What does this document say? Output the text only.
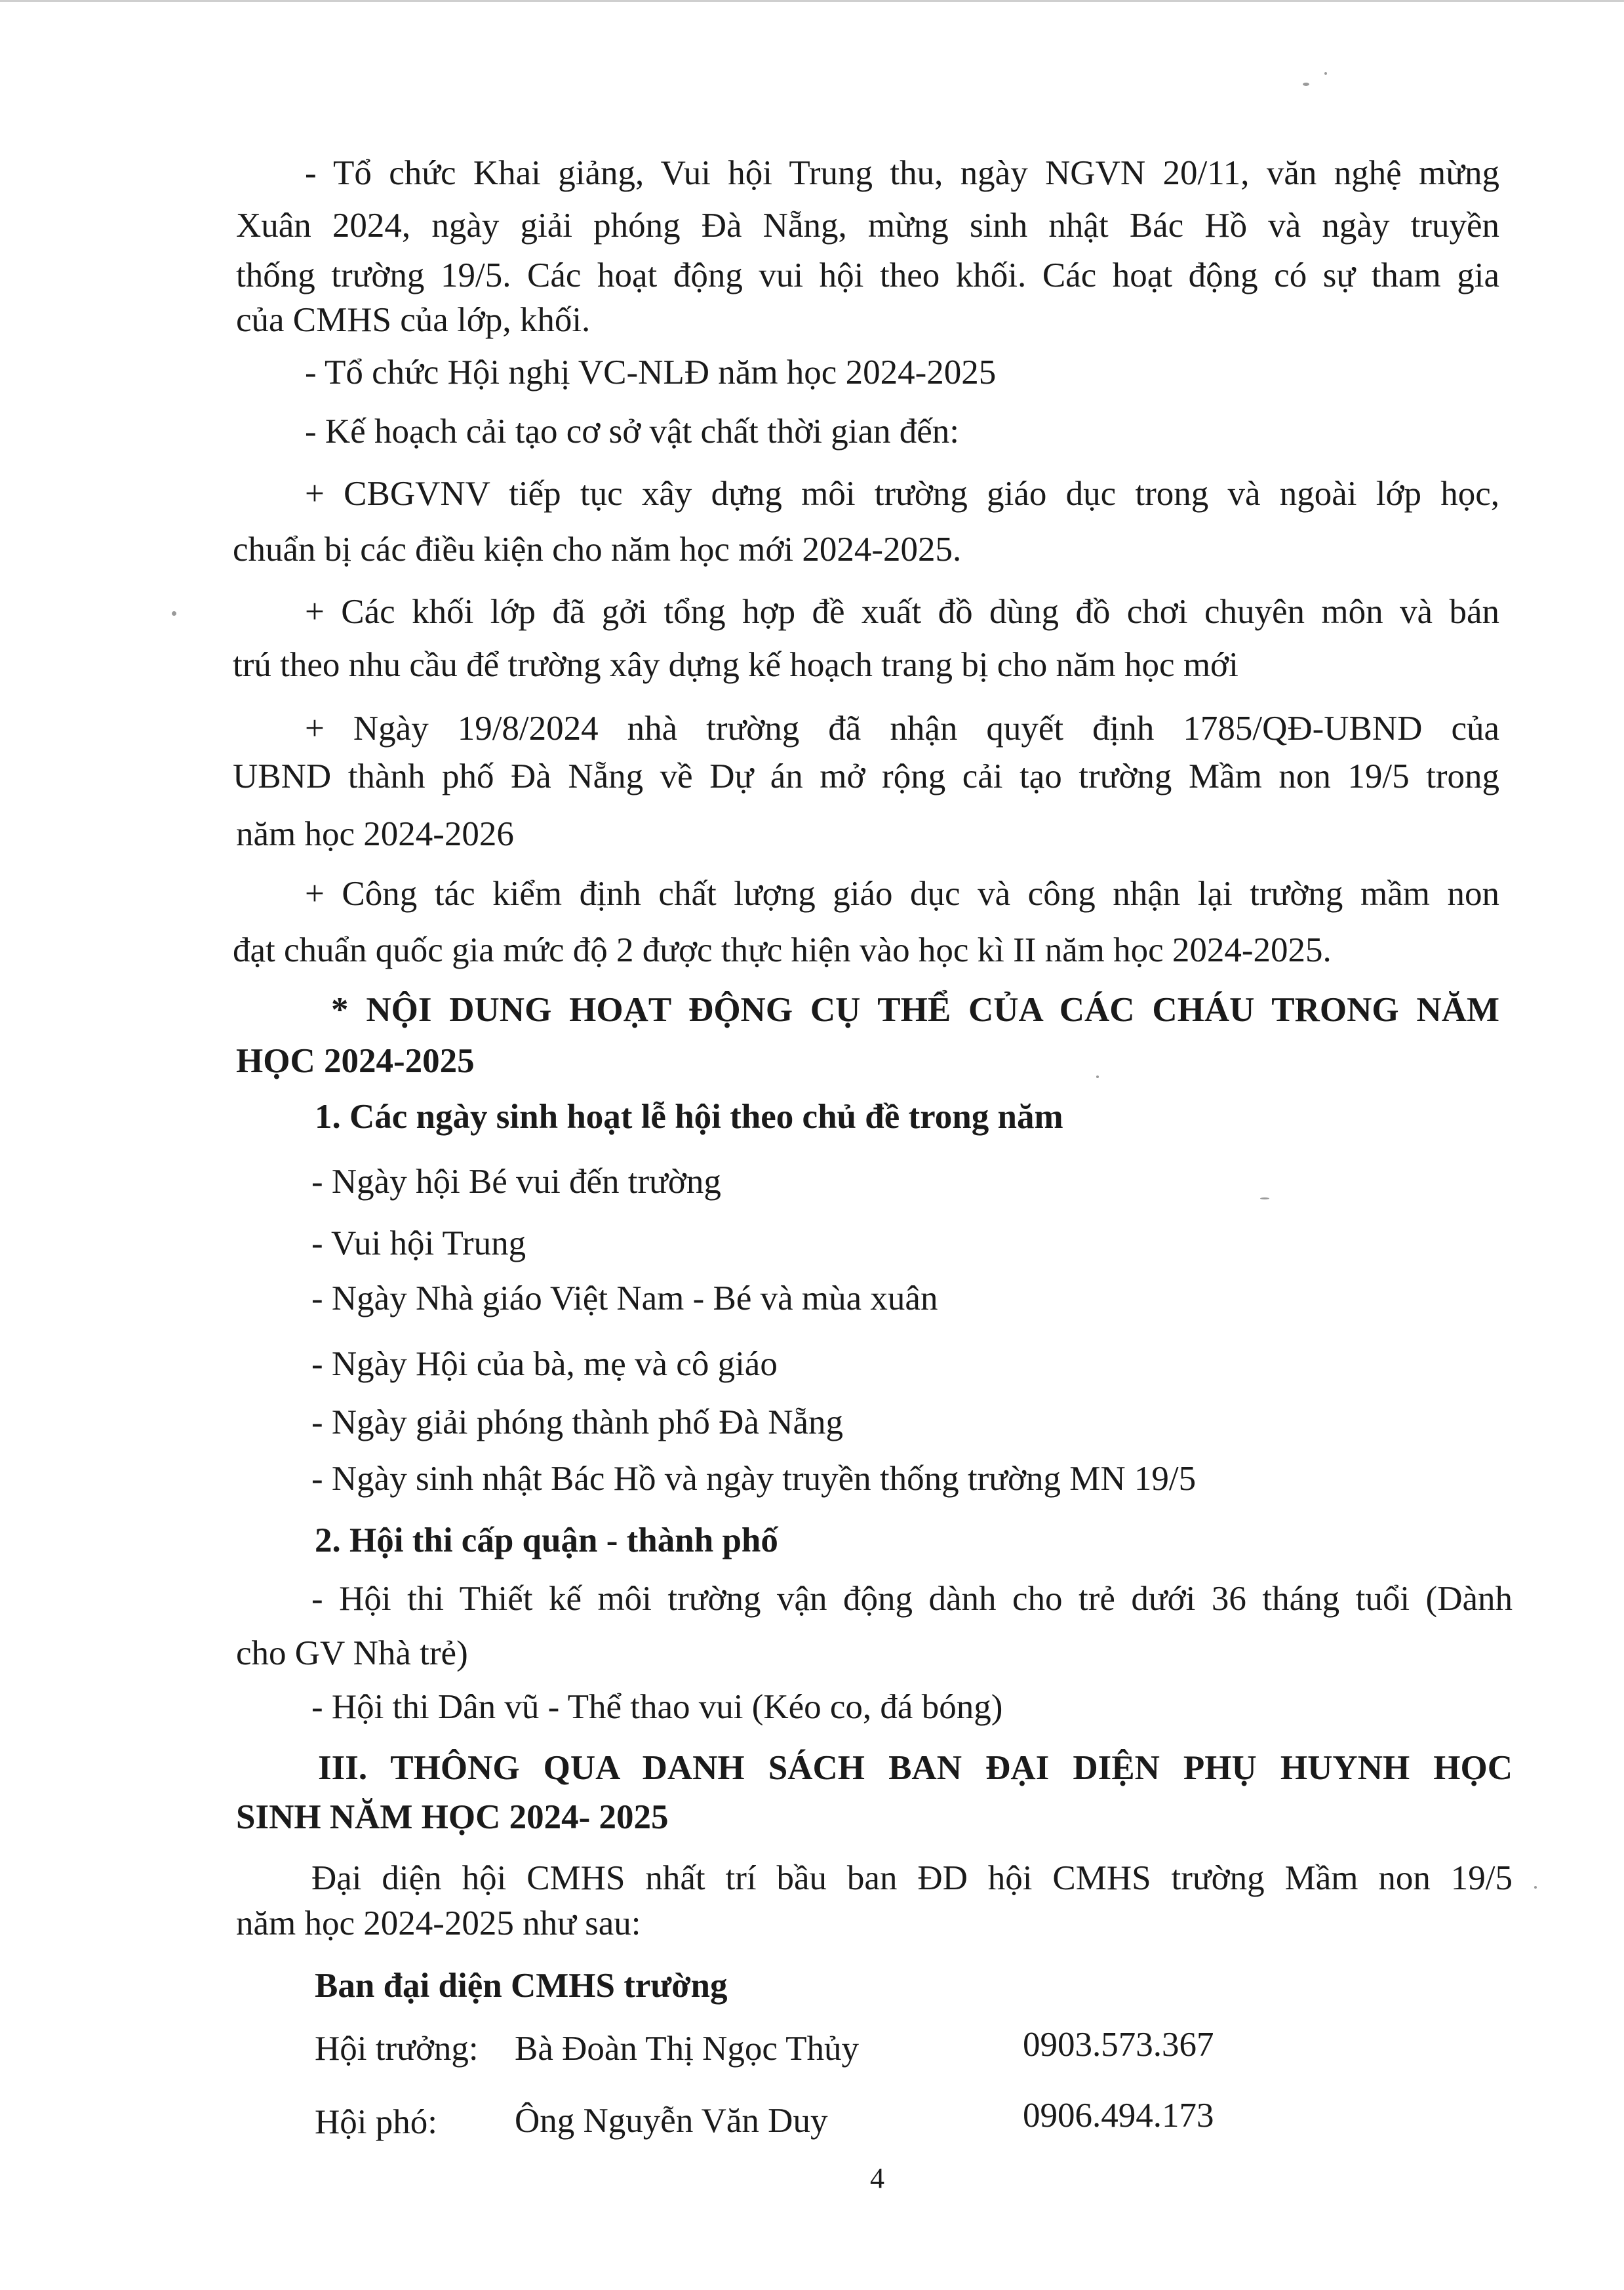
- Tổ chức Khai giảng, Vui hội Trung thu, ngày NGVN 20/11, văn nghệ mừng
Xuân 2024, ngày giải phóng Đà Nẵng, mừng sinh nhật Bác Hồ và ngày truyền
thống trường 19/5. Các hoạt động vui hội theo khối. Các hoạt động có sự tham gia
của CMHS của lớp, khối.
- Tổ chức Hội nghị VC-NLĐ năm học 2024-2025
- Kế hoạch cải tạo cơ sở vật chất thời gian đến:
+ CBGVNV tiếp tục xây dựng môi trường giáo dục trong và ngoài lớp học,
chuẩn bị các điều kiện cho năm học mới 2024-2025.
+ Các khối lớp đã gởi tổng hợp đề xuất đồ dùng đồ chơi chuyên môn và bán
trú theo nhu cầu để trường xây dựng kế hoạch trang bị cho năm học mới
+ Ngày 19/8/2024 nhà trường đã nhận quyết định 1785/QĐ-UBND của
UBND thành phố Đà Nẵng về Dự án mở rộng cải tạo trường Mầm non 19/5 trong
năm học 2024-2026
+ Công tác kiểm định chất lượng giáo dục và công nhận lại trường mầm non
đạt chuẩn quốc gia mức độ 2 được thực hiện vào học kì II năm học 2024-2025.
* NỘI DUNG HOẠT ĐỘNG CỤ THỂ CỦA CÁC CHÁU TRONG NĂM
HỌC 2024-2025
1. Các ngày sinh hoạt lễ hội theo chủ đề trong năm
- Ngày hội Bé vui đến trường
- Vui hội Trung
- Ngày Nhà giáo Việt Nam - Bé và mùa xuân
- Ngày Hội của bà, mẹ và cô giáo
- Ngày giải phóng thành phố Đà Nẵng
- Ngày sinh nhật Bác Hồ và ngày truyền thống trường MN 19/5
2. Hội thi cấp quận - thành phố
- Hội thi Thiết kế môi trường vận động dành cho trẻ dưới 36 tháng tuổi (Dành
cho GV Nhà trẻ)
- Hội thi Dân vũ - Thể thao vui (Kéo co, đá bóng)
III. THÔNG QUA DANH SÁCH BAN ĐẠI DIỆN PHỤ HUYNH HỌC
SINH NĂM HỌC 2024- 2025
Đại diện hội CMHS nhất trí bầu ban ĐD hội CMHS trường Mầm non 19/5
năm học 2024-2025 như sau:
Ban đại diện CMHS trường
Hội trưởng: Bà Đoàn Thị Ngọc Thủy	0903.573.367
Hội phó: Ông Nguyễn Văn Duy	0906.494.173
4
